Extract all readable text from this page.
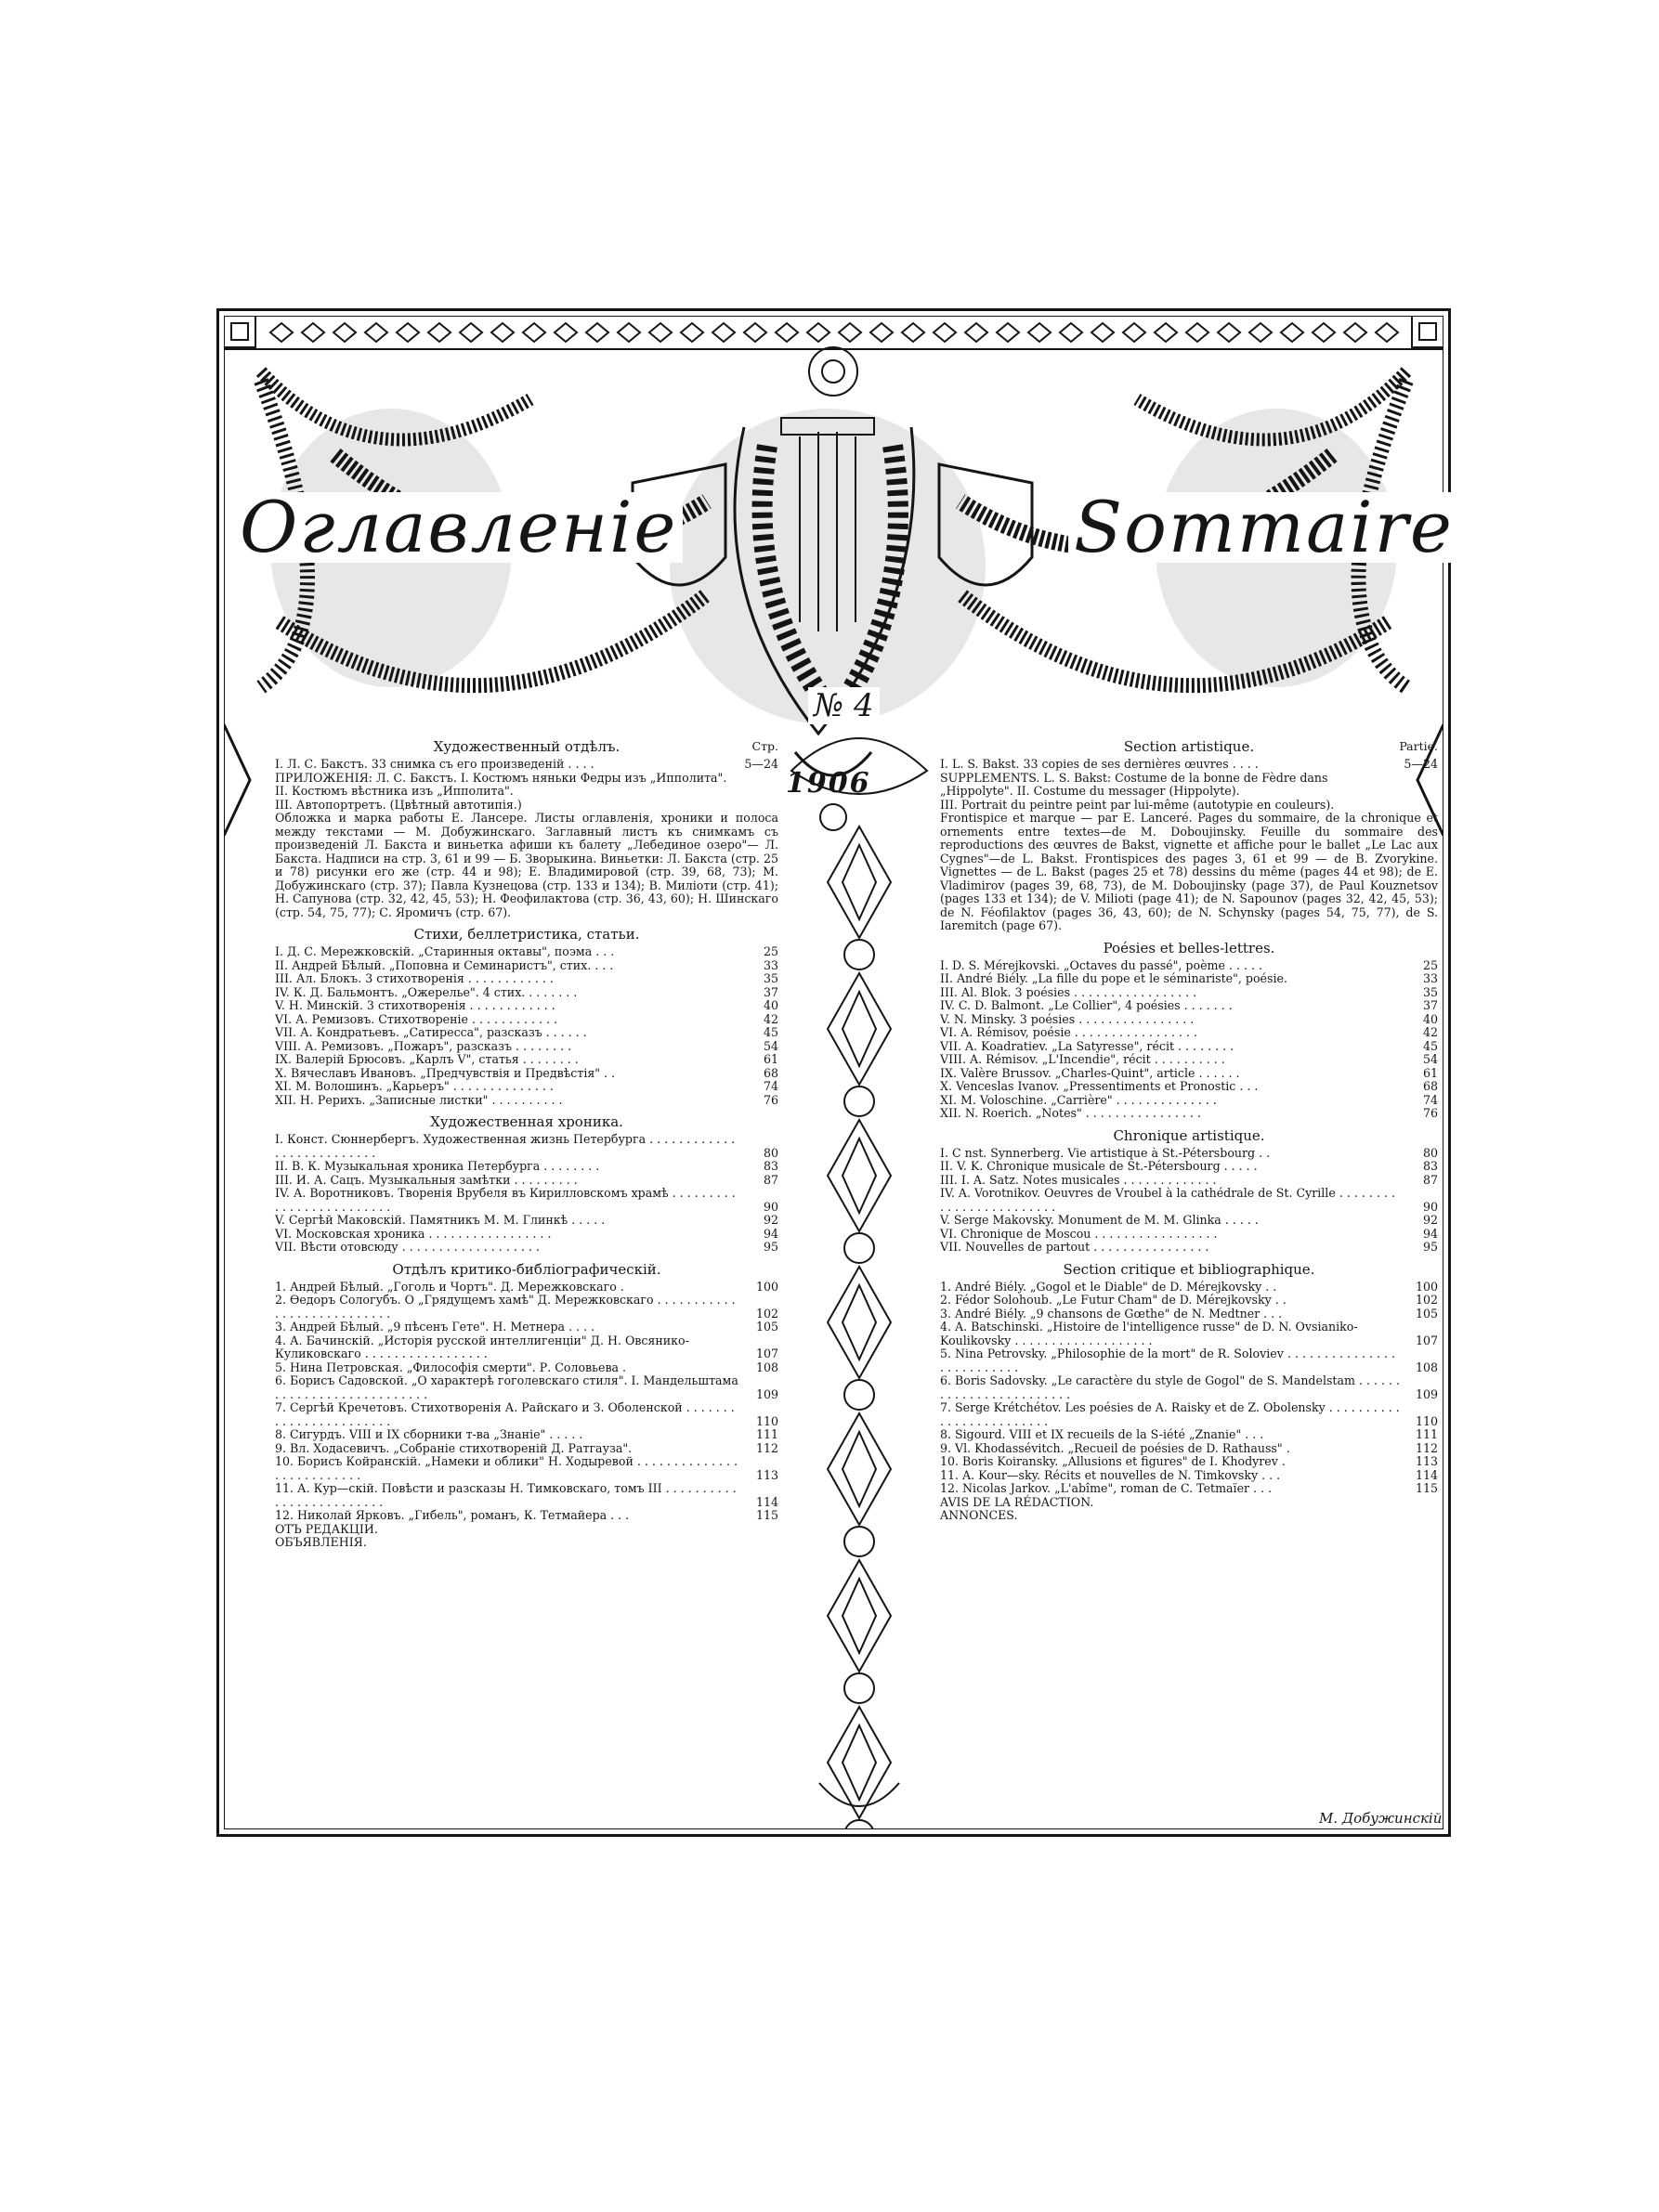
Оглавленіе	Sommaire
№ 4
1906
Художественный отдѣлъ.	Стр.
I. Л. С. Бакстъ. 33 снимка съ его произведеній . . . .	5—24
ПРИЛОЖЕНІЯ: Л. С. Бакстъ. I. Костюмъ няньки Федры изъ „Ипполита". II. Костюмъ вѣстника изъ „Ипполита".
III. Автопортретъ. (Цвѣтный автотипія.)
Обложка и марка работы Е. Лансере. Листы оглавленія, хроники и полоса между текстами — М. Добужинскаго. Заглавный листъ къ снимкамъ съ произведеній Л. Бакста и виньетка афиши къ балету „Лебединое озеро"— Л. Бакста. Надписи на стр. 3, 61 и 99 — Б. Зворыкина. Виньетки: Л. Бакста (стр. 25 и 78) рисунки его же (стр. 44 и 98); Е. Владимировой (стр. 39, 68, 73); М. Добужинскаго (стр. 37); Павла Кузнецова (стр. 133 и 134); В. Миліоти (стр. 41); Н. Сапунова (стр. 32, 42, 45, 53); Н. Феофилактова (стр. 36, 43, 60); Н. Шинскаго (стр. 54, 75, 77); С. Яромичъ (стр. 67).
Стихи, беллетристика, статьи.
I. Д. С. Мережковскій. „Старинныя октавы", поэма . . .	25
II. Андрей Бѣлый. „Поповна и Семинаристъ", стих. . . .	33
III. Ал. Блокъ. 3 стихотворенія . . . . . . . . . . . .	35
IV. К. Д. Бальмонтъ. „Ожерелье". 4 стих. . . . . . . .	37
V. Н. Минскій. 3 стихотворенія . . . . . . . . . . . .	40
VI. А. Ремизовъ. Стихотвореніе . . . . . . . . . . . .	42
VII. А. Кондратьевъ. „Сатиресса", разсказъ . . . . . .	45
VIII. А. Ремизовъ. „Пожаръ", разсказъ . . . . . . . .	54
IX. Валерій Брюсовъ. „Карлъ V", статья . . . . . . . .	61
X. Вячеславъ Ивановъ. „Предчувствія и Предвѣстія" . .	68
XI. М. Волошинъ. „Карьеръ" . . . . . . . . . . . . . .	74
XII. Н. Рерихъ. „Записные листки" . . . . . . . . . .	76
Художественная хроника.
I. Конст. Сюннербергъ. Художественная жизнь Петербурга . . . . . . . . . . . . . . . . . . . . . . . . . .	80
II. В. К. Музыкальная хроника Петербурга . . . . . . . .	83
III. И. А. Сацъ. Музыкальныя замѣтки . . . . . . . . .	87
IV. А. Воротниковъ. Творенія Врубеля въ Кирилловскомъ храмѣ . . . . . . . . . . . . . . . . . . . . . . . . .	90
V. Сергѣй Маковскій. Памятникъ М. М. Глинкѣ . . . . .	92
VI. Московская хроника . . . . . . . . . . . . . . . . .	94
VII. Вѣсти отовсюду . . . . . . . . . . . . . . . . . . .	95
Отдѣлъ критико-библіографическій.
1. Андрей Бѣлый. „Гоголь и Чортъ". Д. Мережковскаго .	100
2. Ѳедоръ Сологубъ. О „Грядущемъ хамѣ" Д. Мережковскаго . . . . . . . . . . . . . . . . . . . . . . . . . . .	102
3. Андрей Бѣлый. „9 пѣсенъ Гете". Н. Метнера . . . .	105
4. А. Бачинскій. „Исторія русской интеллигенціи" Д. Н. Овсянико-Куликовскаго . . . . . . . . . . . . . . . . .	107
5. Нина Петровская. „Философія смерти". Р. Соловьева .	108
6. Борисъ Садовской. „О характерѣ гоголевскаго стиля". I. Мандельштама . . . . . . . . . . . . . . . . . . . . .	109
7. Сергѣй Кречетовъ. Стихотворенія А. Райскаго и З. Оболенской . . . . . . . . . . . . . . . . . . . . . . .	110
8. Сигурдъ. VIII и IX сборники т-ва „Знаніе" . . . . .	111
9. Вл. Ходасевичъ. „Собраніе стихотвореній Д. Ратгауза".	112
10. Борисъ Койранскій. „Намеки и облики" Н. Ходыревой . . . . . . . . . . . . . . . . . . . . . . . . . .	113
11. А. Кур—скій. Повѣсти и разсказы Н. Тимковскаго, томъ III . . . . . . . . . . . . . . . . . . . . . . . . .	114
12. Николай Ярковъ. „Гибель", романъ, К. Тетмайера . . .	115
ОТЪ РЕДАКЦІИ.
ОБЪЯВЛЕНІЯ.
Section artistique.	Partie.
I. L. S. Bakst. 33 copies de ses dernières œuvres . . . .	5—24
SUPPLEMENTS. L. S. Bakst: Costume de la bonne de Fèdre dans „Hippolyte". II. Costume du messager (Hippolyte).
III. Portrait du peintre peint par lui-même (autotypie en couleurs).
Frontispice et marque — par E. Lanceré. Pages du sommaire, de la chronique et ornements entre textes—de M. Dobоujinsky. Feuille du sommaire des reproductions des œuvres de Bakst, vignette et affiche pour le ballet „Le Lac aux Cygnes"—de L. Bakst. Frontispices des pages 3, 61 et 99 — de B. Zvorykine. Vignettes — de L. Bakst (pages 25 et 78) dessins du même (pages 44 et 98); de E. Vladimirov (pages 39, 68, 73), de M. Dobоujinsky (page 37), de Paul Kouznetsov (pages 133 et 134); de V. Milioti (page 41); de N. Sapounov (pages 32, 42, 45, 53); de N. Féofilaktov (pages 36, 43, 60); de N. Schynsky (pages 54, 75, 77), de S. Iaremitch (page 67).
Poésies et belles-lettres.
I. D. S. Mérejkovski. „Octaves du passé", poème . . . . .	25
II. André Biély. „La fille du pope et le séminariste", poésie.	33
III. Al. Blok. 3 poésies . . . . . . . . . . . . . . . . .	35
IV. C. D. Balmont. „Le Collier", 4 poésies . . . . . . .	37
V. N. Minsky. 3 poésies . . . . . . . . . . . . . . . .	40
VI. A. Rémisov, poésie . . . . . . . . . . . . . . . . .	42
VII. A. Koadratiev. „La Satyresse", récit . . . . . . . .	45
VIII. A. Rémisov. „L'Incendie", récit . . . . . . . . . .	54
IX. Valère Brussov. „Charles-Quint", article . . . . . .	61
X. Venceslas Ivanov. „Pressentiments et Pronostic . . .	68
XI. M. Voloschine. „Carrière" . . . . . . . . . . . . . .	74
XII. N. Roerich. „Notes" . . . . . . . . . . . . . . . .	76
Chronique artistique.
I. C nst. Synnerberg. Vie artistique à St.-Pétersbourg . .	80
II. V. K. Chronique musicale de St.-Pétersbourg . . . . .	83
III. I. A. Satz. Notes musicales . . . . . . . . . . . . .	87
IV. A. Vorotnikov. Oeuvres de Vroubel à la cathédrale de St. Cyrille . . . . . . . . . . . . . . . . . . . . . . . .	90
V. Serge Makovsky. Monument de M. M. Glinka . . . . .	92
VI. Chronique de Moscou . . . . . . . . . . . . . . . . .	94
VII. Nouvelles de partout . . . . . . . . . . . . . . . .	95
Section critique et bibliographique.
1. André Biély. „Gogol et le Diable" de D. Mérejkovsky . .	100
2. Fédor Solohoub. „Le Futur Cham" de D. Mérejkovsky . .	102
3. André Biély. „9 chansons de Gœthe" de N. Medtner . . .	105
4. A. Batschinski. „Histoire de l'intelligence russe" de D. N. Ovsianiko-Koulikovsky . . . . . . . . . . . . . . . . . . .	107
5. Nina Petrovsky. „Philosophie de la mort" de R. Soloviev . . . . . . . . . . . . . . . . . . . . . . . . . .	108
6. Boris Sadovsky. „Le caractère du style de Gogol" de S. Mandelstam . . . . . . . . . . . . . . . . . . . . . . . .	109
7. Serge Krétchétov. Les poésies de A. Raisky et de Z. Obolensky . . . . . . . . . . . . . . . . . . . . . . . . .	110
8. Sigourd. VIII et IX recueils de la S-iété „Znanie" . . .	111
9. Vl. Khodassévitch. „Recueil de poésies de D. Rathauss" .	112
10. Boris Koiransky. „Allusions et figures" de I. Khodyrev .	113
11. A. Kour—sky. Récits et nouvelles de N. Timkovsky . . .	114
12. Nicolas Jarkov. „L'abîme", roman de C. Tetmaïer . . .	115
AVIS DE LA RÉDACTION.
ANNONCES.
М. Добужинскій
